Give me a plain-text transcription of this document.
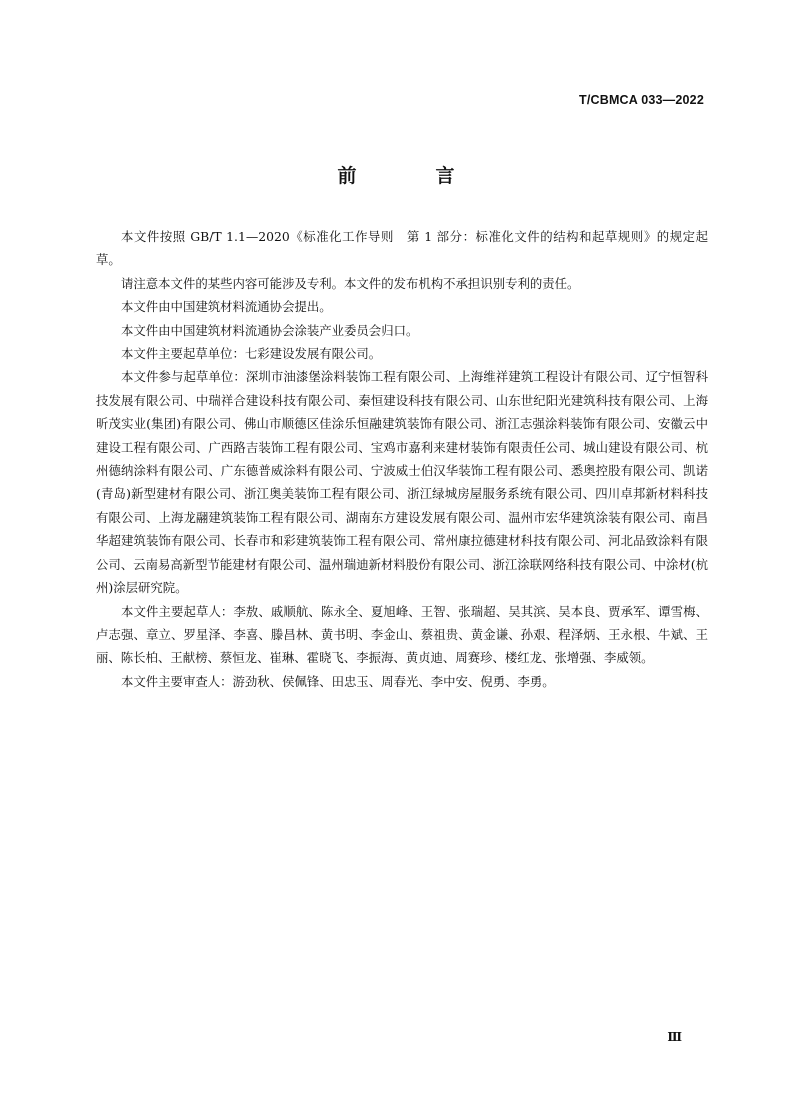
T/CBMCA 033—2022
前　言

本文件按照 GB/T 1.1—2020《标准化工作导则　第 1 部分：标准化文件的结构和起草规则》的规定起草。

请注意本文件的某些内容可能涉及专利。本文件的发布机构不承担识别专利的责任。

本文件由中国建筑材料流通协会提出。

本文件由中国建筑材料流通协会涂装产业委员会归口。

本文件主要起草单位：七彩建设发展有限公司。

本文件参与起草单位：深圳市油漆堡涂料装饰工程有限公司、上海维祥建筑工程设计有限公司、辽宁恒智科技发展有限公司、中瑞祥合建设科技有限公司、秦恒建设科技有限公司、山东世纪阳光建筑科技有限公司、上海昕茂实业(集团)有限公司、佛山市顺德区佳涂乐恒融建筑装饰有限公司、浙江志强涂料装饰有限公司、安徽云中建设工程有限公司、广西路吉装饰工程有限公司、宝鸡市嘉利来建材装饰有限责任公司、城山建设有限公司、杭州德纳涂料有限公司、广东德普威涂料有限公司、宁波威士伯汉华装饰工程有限公司、悉奥控股有限公司、凯诺(青岛)新型建材有限公司、浙江奥美装饰工程有限公司、浙江绿城房屋服务系统有限公司、四川卓邦新材料科技有限公司、上海龙翮建筑装饰工程有限公司、湖南东方建设发展有限公司、温州市宏华建筑涂装有限公司、南昌华超建筑装饰有限公司、长春市和彩建筑装饰工程有限公司、常州康拉德建材科技有限公司、河北品致涂料有限公司、云南易高新型节能建材有限公司、温州瑞迪新材料股份有限公司、浙江涂联网络科技有限公司、中涂材(杭州)涂层研究院。

本文件主要起草人：李敖、戚顺航、陈永全、夏旭峰、王智、张瑞超、吴其滨、吴本良、贾承军、谭雪梅、卢志强、章立、罗星泽、李喜、滕昌林、黄书明、李金山、蔡祖贵、黄金谦、孙艰、程泽炳、王永根、牛斌、王丽、陈长柏、王献榜、蔡恒龙、崔琳、霍晓飞、李振海、黄贞迪、周赛珍、楼红龙、张增强、李威领。

本文件主要审查人：游劲秋、侯佩锋、田忠玉、周春光、李中安、倪勇、李勇。

Ⅲ
